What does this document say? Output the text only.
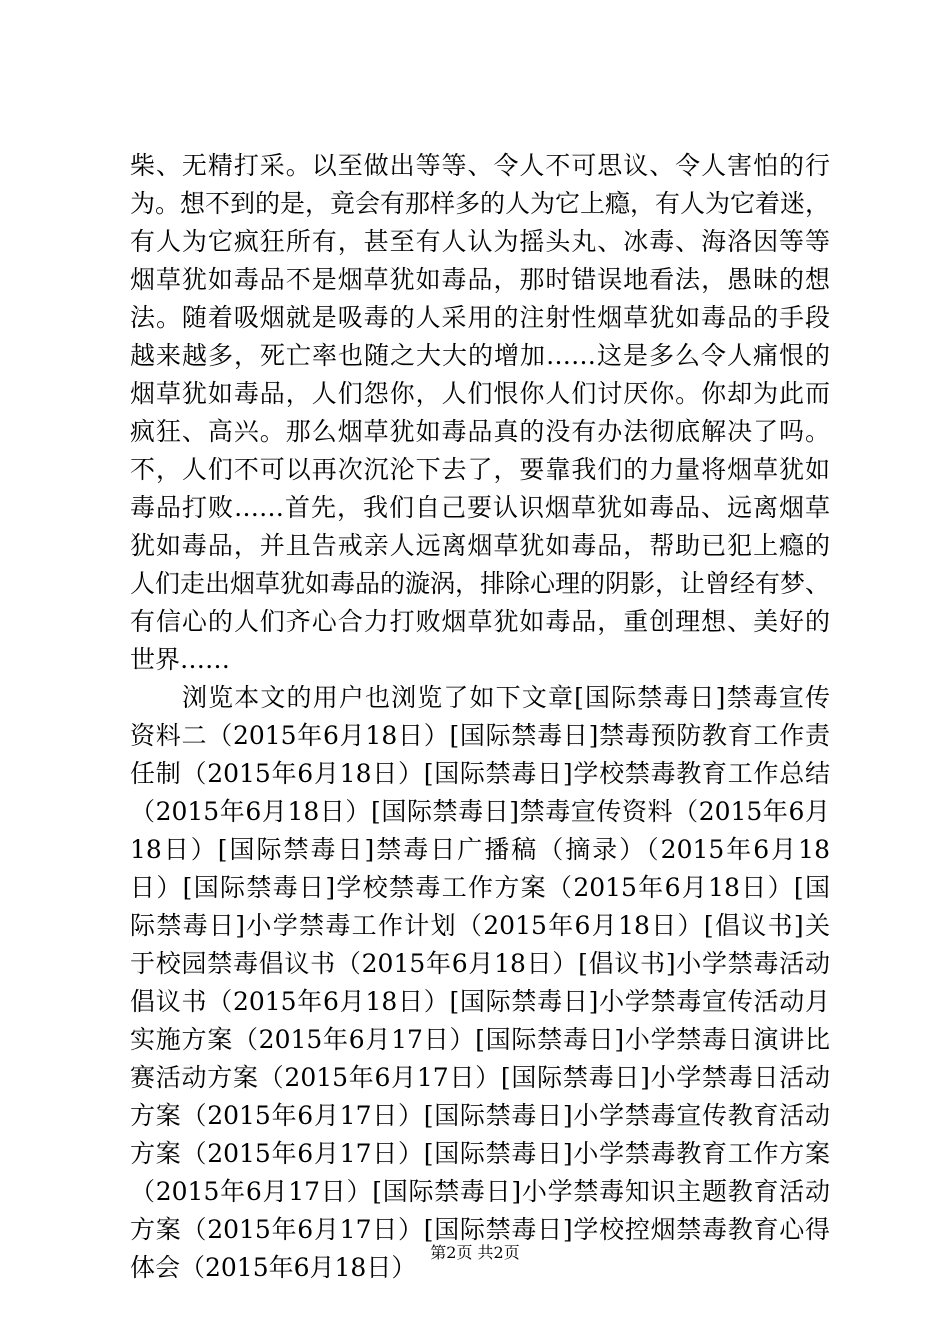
柴、无精打采。以至做出等等、令人不可思议、令人害怕的行
为。想不到的是，竟会有那样多的人为它上瘾，有人为它着迷，
有人为它疯狂所有，甚至有人认为摇头丸、冰毒、海洛因等等
烟草犹如毒品不是烟草犹如毒品，那时错误地看法，愚昧的想
法。随着吸烟就是吸毒的人采用的注射性烟草犹如毒品的手段
越来越多，死亡率也随之大大的增加……这是多么令人痛恨的
烟草犹如毒品，人们怨你，人们恨你人们讨厌你。你却为此而
疯狂、高兴。那么烟草犹如毒品真的没有办法彻底解决了吗。
不，人们不可以再次沉沦下去了，要靠我们的力量将烟草犹如
毒品打败……首先，我们自己要认识烟草犹如毒品、远离烟草
犹如毒品，并且告戒亲人远离烟草犹如毒品，帮助已犯上瘾的
人们走出烟草犹如毒品的漩涡，排除心理的阴影，让曾经有梦、
有信心的人们齐心合力打败烟草犹如毒品，重创理想、美好的
世界……
浏览本文的用户也浏览了如下文章[国际禁毒日]禁毒宣传
资料二（2015年6月18日）[国际禁毒日]禁毒预防教育工作责
任制（2015年6月18日）[国际禁毒日]学校禁毒教育工作总结
（2015年6月18日）[国际禁毒日]禁毒宣传资料（2015年6月
18日）[国际禁毒日]禁毒日广播稿（摘录）（2015年6月18
日）[国际禁毒日]学校禁毒工作方案（2015年6月18日）[国
际禁毒日]小学禁毒工作计划（2015年6月18日）[倡议书]关
于校园禁毒倡议书（2015年6月18日）[倡议书]小学禁毒活动
倡议书（2015年6月18日）[国际禁毒日]小学禁毒宣传活动月
实施方案（2015年6月17日）[国际禁毒日]小学禁毒日演讲比
赛活动方案（2015年6月17日）[国际禁毒日]小学禁毒日活动
方案（2015年6月17日）[国际禁毒日]小学禁毒宣传教育活动
方案（2015年6月17日）[国际禁毒日]小学禁毒教育工作方案
（2015年6月17日）[国际禁毒日]小学禁毒知识主题教育活动
方案（2015年6月17日）[国际禁毒日]学校控烟禁毒教育心得
体会（2015年6月18日）
第2页 共2页
